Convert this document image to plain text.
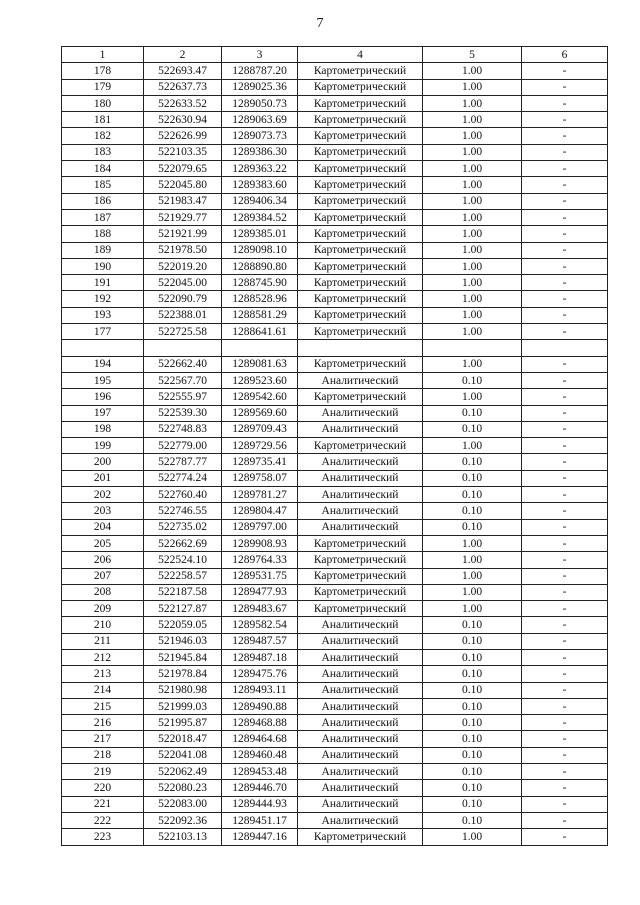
7
1	2	3	4	5	6
178	522693.47	1288787.20	Картометрический	1.00	-
179	522637.73	1289025.36	Картометрический	1.00	-
180	522633.52	1289050.73	Картометрический	1.00	-
181	522630.94	1289063.69	Картометрический	1.00	-
182	522626.99	1289073.73	Картометрический	1.00	-
183	522103.35	1289386.30	Картометрический	1.00	-
184	522079.65	1289363.22	Картометрический	1.00	-
185	522045.80	1289383.60	Картометрический	1.00	-
186	521983.47	1289406.34	Картометрический	1.00	-
187	521929.77	1289384.52	Картометрический	1.00	-
188	521921.99	1289385.01	Картометрический	1.00	-
189	521978.50	1289098.10	Картометрический	1.00	-
190	522019.20	1288890.80	Картометрический	1.00	-
191	522045.00	1288745.90	Картометрический	1.00	-
192	522090.79	1288528.96	Картометрический	1.00	-
193	522388.01	1288581.29	Картометрический	1.00	-
177	522725.58	1288641.61	Картометрический	1.00	-

194	522662.40	1289081.63	Картометрический	1.00	-
195	522567.70	1289523.60	Аналитический	0.10	-
196	522555.97	1289542.60	Картометрический	1.00	-
197	522539.30	1289569.60	Аналитический	0.10	-
198	522748.83	1289709.43	Аналитический	0.10	-
199	522779.00	1289729.56	Картометрический	1.00	-
200	522787.77	1289735.41	Аналитический	0.10	-
201	522774.24	1289758.07	Аналитический	0.10	-
202	522760.40	1289781.27	Аналитический	0.10	-
203	522746.55	1289804.47	Аналитический	0.10	-
204	522735.02	1289797.00	Аналитический	0.10	-
205	522662.69	1289908.93	Картометрический	1.00	-
206	522524.10	1289764.33	Картометрический	1.00	-
207	522258.57	1289531.75	Картометрический	1.00	-
208	522187.58	1289477.93	Картометрический	1.00	-
209	522127.87	1289483.67	Картометрический	1.00	-
210	522059.05	1289582.54	Аналитический	0.10	-
211	521946.03	1289487.57	Аналитический	0.10	-
212	521945.84	1289487.18	Аналитический	0.10	-
213	521978.84	1289475.76	Аналитический	0.10	-
214	521980.98	1289493.11	Аналитический	0.10	-
215	521999.03	1289490.88	Аналитический	0.10	-
216	521995.87	1289468.88	Аналитический	0.10	-
217	522018.47	1289464.68	Аналитический	0.10	-
218	522041.08	1289460.48	Аналитический	0.10	-
219	522062.49	1289453.48	Аналитический	0.10	-
220	522080.23	1289446.70	Аналитический	0.10	-
221	522083.00	1289444.93	Аналитический	0.10	-
222	522092.36	1289451.17	Аналитический	0.10	-
223	522103.13	1289447.16	Картометрический	1.00	-
